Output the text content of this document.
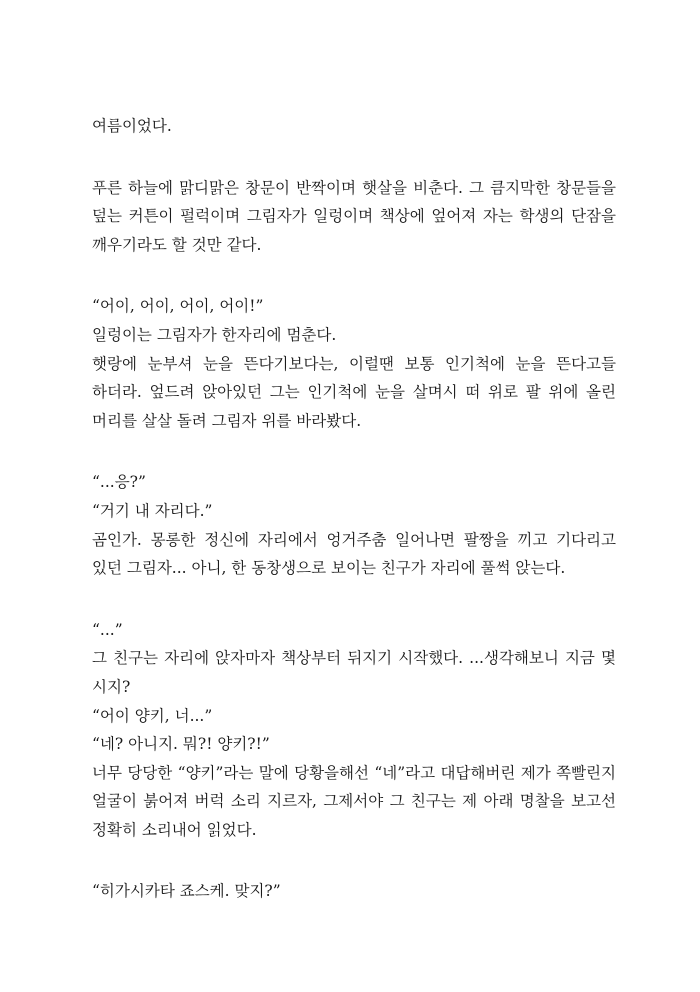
여름이었다.

푸른 하늘에 맑디맑은 창문이 반짝이며 햇살을 비춘다. 그 큼지막한 창문들을 덮는 커튼이 펄럭이며 그림자가 일렁이며 책상에 엎어져 자는 학생의 단잠을 깨우기라도 할 것만 같다.

“어이, 어이, 어이, 어이!”

일렁이는 그림자가 한자리에 멈춘다.

햇랑에 눈부셔 눈을 뜬다기보다는, 이럴땐 보통 인기척에 눈을 뜬다고들 하더라. 엎드려 앉아있던 그는 인기척에 눈을 살며시 떠 위로 팔 위에 올린 머리를 살살 돌려 그림자 위를 바라봤다.

“...응?”

“거기 내 자리다.”

곰인가. 몽롱한 정신에 자리에서 엉거주춤 일어나면 팔짱을 끼고 기다리고 있던 그림자... 아니, 한 동창생으로 보이는 친구가 자리에 풀썩 앉는다.

“...”

그 친구는 자리에 앉자마자 책상부터 뒤지기 시작했다. ...생각해보니 지금 몇 시지?

“어이 양키, 너...”

“네? 아니지. 뭐?! 양키?!”

너무 당당한 “양키”라는 말에 당황을해선 “네”라고 대답해버린 제가 쪽빨린지 얼굴이 붉어져 버럭 소리 지르자, 그제서야 그 친구는 제 아래 명찰을 보고선 정확히 소리내어 읽었다.

“히가시카타 죠스케. 맞지?”
